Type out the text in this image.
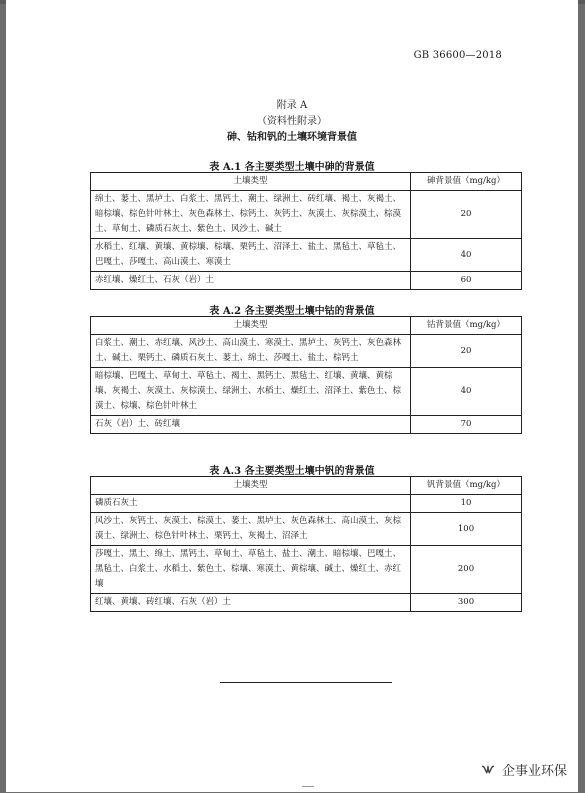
GB 36600—2018
附录 A
（资料性附录）
砷、钴和钒的土壤环境背景值
表 A.1 各主要类型土壤中砷的背景值
土壤类型	砷背景值（mg/kg）
绵土、蒌土、黑垆土、白浆土、黑钙土、潮土、绿洲土、砖红壤、褐土、灰褐土、暗棕壤、棕色针叶林土、灰色森林土、棕钙土、灰钙土、灰漠土、灰棕漠土、棕漠土、草甸土、磷质石灰土、紫色土、风沙土、碱土	20
水稻土、红壤、黄壤、黄棕壤、棕壤、栗钙土、沼泽土、盐土、黑毡土、草毡土、巴嘎土、莎嘎土、高山漠土、寒漠土	40
赤红壤、燥红土、石灰（岩）土	60
表 A.2 各主要类型土壤中钴的背景值
土壤类型	钴背景值（mg/kg）
白浆土、潮土、赤红壤、风沙土、高山漠土、寒漠土、黑垆土、灰钙土、灰色森林土、碱土、栗钙土、磷质石灰土、蒌土、绵土、莎嘎土、盐土、棕钙土	20
暗棕壤、巴嘎土、草甸土、草毡土、褐土、黑钙土、黑毡土、红壤、黄壤、黄棕壤、灰褐土、灰漠土、灰棕漠土、绿洲土、水稻土、燥红土、沼泽土、紫色土、棕漠土、棕壤、棕色针叶林土	40
石灰（岩）土、砖红壤	70
表 A.3 各主要类型土壤中钒的背景值
土壤类型	钒背景值（mg/kg）
磷质石灰土	10
风沙土、灰钙土、灰漠土、棕漠土、蒌土、黑垆土、灰色森林土、高山漠土、灰棕漠土、绿洲土、棕色针叶林土、栗钙土、灰褐土、沼泽土	100
莎嘎土、黑土、绵土、黑钙土、草甸土、草毡土、盐土、潮土、暗棕壤、巴嘎土、黑毡土、白浆土、水稻土、紫色土、棕壤、寒漠土、黄棕壤、碱土、燥红土、赤红壤	200
红壤、黄壤、砖红壤、石灰（岩）土	300
企事业环保
